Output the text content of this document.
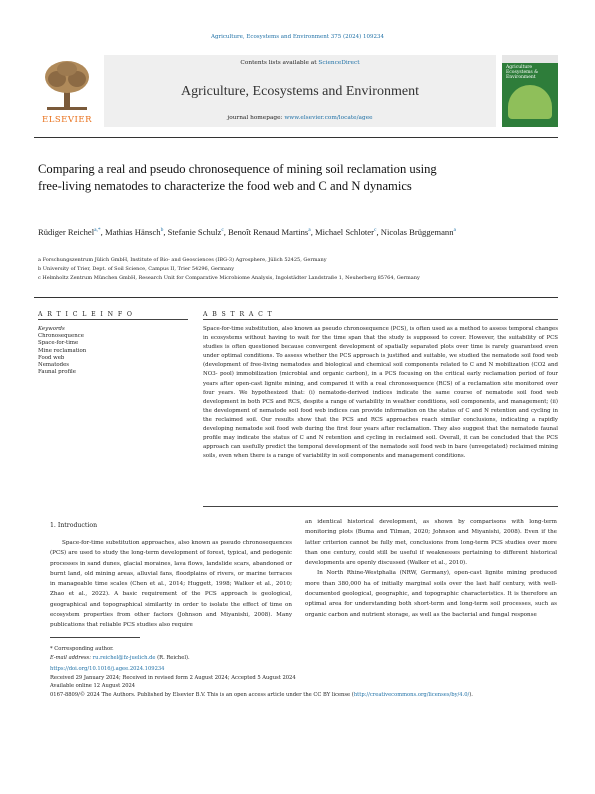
Agriculture, Ecosystems and Environment 375 (2024) 109234
ELSEVIER
Contents lists available at ScienceDirect
Agriculture, Ecosystems and Environment
journal homepage: www.elsevier.com/locate/agee
Agriculture Ecosystems & Environment
Comparing a real and pseudo chronosequence of mining soil reclamation using free-living nematodes to characterize the food web and C and N dynamics
Rüdiger Reichel$^{a,*}$, Mathias Hänsch$^b$, Stefanie Schulz$^c$, Benoît Renaud Martins$^a$, Michael Schloter$^c$, Nicolas Brüggemann$^a$
a Forschungszentrum Jülich GmbH, Institute of Bio- and Geosciences (IBG-3) Agrosphere, Jülich 52425, Germany
b University of Trier, Dept. of Soil Science, Campus II, Trier 54296, Germany
c Helmholtz Zentrum München GmbH, Research Unit for Comparative Microbiome Analysis, Ingolstädter Landstraße 1, Neuherberg 85764, Germany
A R T I C L E I N F O
Keywords
Chronosequence
Space-for-time
Mine reclamation
Food web
Nematodes
Faunal profile
A B S T R A C T
Space-for-time substitution, also known as pseudo chronosequence (PCS), is often used as a method to assess temporal changes in ecosystems without having to wait for the time span that the study is supposed to cover. However, the suitability of PCS studies is often questioned because convergent development of spatially separated plots over time is rarely guaranteed even under optimal conditions. To assess whether the PCS approach is justified and suitable, we studied the nematode soil food web (development of free-living nematodes and biological and chemical soil components related to C and N mobilization (CO2 and NO3- pool) immobilization (microbial and organic carbon), in a PCS focusing on the critical early reclamation period of four years after open-cast lignite mining, and compared it with a real chronosequence (RCS) of a reclamation site monitored over four years. We hypothesized that: (i) nematode-derived indices indicate the same course of nematode soil food web development in both PCS and RCS, despite a range of variability in weather conditions, soil components, and management; (ii) the development of nematode soil food web indices can provide information on the status of C and N retention and cycling in the reclaimed soil. Our results show that the PCS and RCS approaches reach similar conclusions, indicating a rapidly developing nematode soil food web during the first four years after reclamation. They also suggest that the nematode faunal profile may indicate the status of C and N retention and cycling in reclaimed soil. Overall, it can be concluded that the PCS approach can usefully predict the temporal development of the nematode soil food web in bare (unvegetated) reclaimed mining soils, even when there is a range of variability in soil components and management conditions.
1. Introduction
Space-for-time substitution approaches, also known as pseudo chronosequences (PCS) are used to study the long-term development of forest, typical, and pedogenic processes in sand dunes, glacial moraines, lava flows, landslide scars, abandoned or burnt land, old mining areas, alluvial fans, floodplains of rivers, or marine terraces in manageable time scales (Chen et al., 2014; Huggett, 1998; Walker et al., 2010; Zhao et al., 2022). A basic requirement of the PCS approach is geological, geographical and topographical similarity in order to isolate the effect of time on ecosystem properties from other factors (Johnson and Miyanishi, 2008). Many publications that reliable PCS studies also require

an identical historical development, as shown by comparisons with long-term monitoring plots (Buma and Tilman, 2020; Johnson and Miyanishi, 2008). Even if the latter criterion cannot be fully met, conclusions from long-term PCS studies over more than one century, could still be useful if weaknesses pertaining to different historical developments are openly discussed (Walker et al., 2010).

In North Rhine-Westphalia (NRW, Germany), open-cast lignite mining produced more than 380,000 ha of initially marginal soils over the last half century, with well-documented geological, geographic, and topographic characteristics. It is therefore an optimal area for understanding both short-term and long-term soil processes, such as organic carbon and nutrient storage, as well as the bacterial and fungal response

* Corresponding author.
E-mail address: ru.reichel@fz-juelich.de (R. Reichel).
https://doi.org/10.1016/j.agee.2024.109234
Received 29 January 2024; Received in revised form 2 August 2024; Accepted 5 August 2024
Available online 12 August 2024
0167-8809/© 2024 The Authors. Published by Elsevier B.V. This is an open access article under the CC BY license (http://creativecommons.org/licenses/by/4.0/).
